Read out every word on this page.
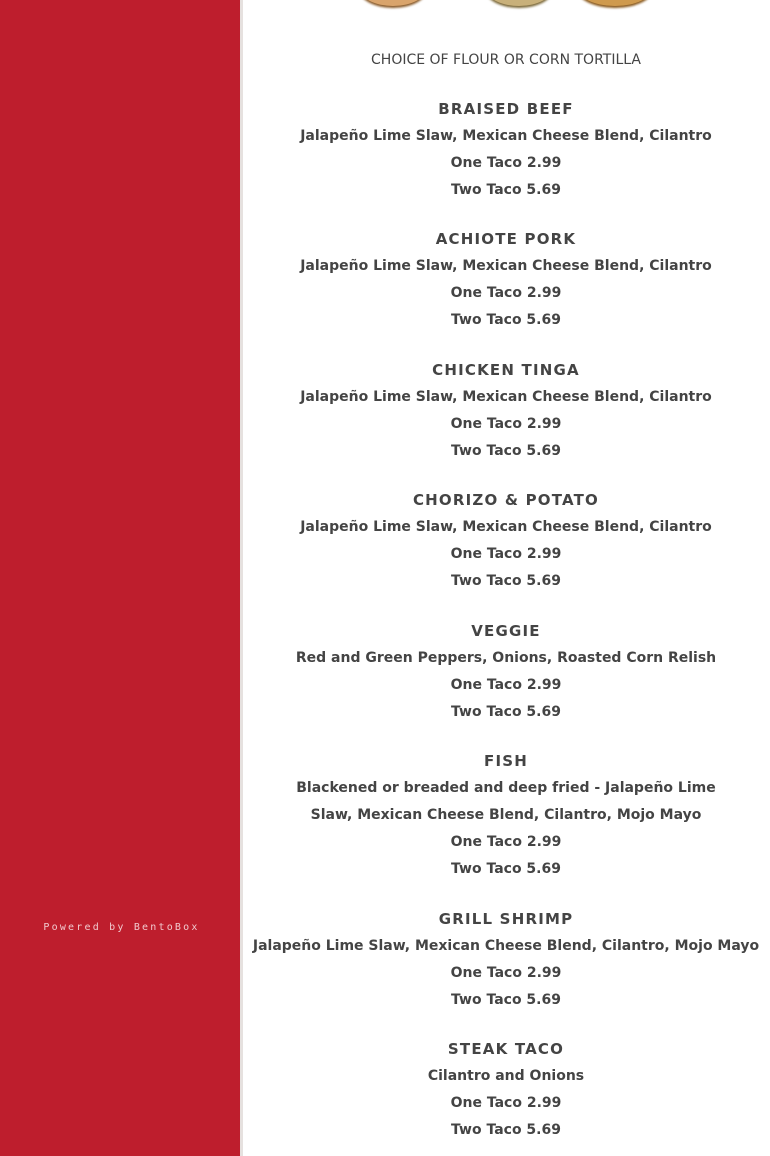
Powered by BentoBox
CHOICE OF FLOUR OR CORN TORTILLA
BRAISED BEEF
Jalapeño Lime Slaw, Mexican Cheese Blend, Cilantro
One Taco 2.99
Two Taco 5.69
ACHIOTE PORK
Jalapeño Lime Slaw, Mexican Cheese Blend, Cilantro
One Taco 2.99
Two Taco 5.69
CHICKEN TINGA
Jalapeño Lime Slaw, Mexican Cheese Blend, Cilantro
One Taco 2.99
Two Taco 5.69
CHORIZO & POTATO
Jalapeño Lime Slaw, Mexican Cheese Blend, Cilantro
One Taco 2.99
Two Taco 5.69
VEGGIE
Red and Green Peppers, Onions, Roasted Corn Relish
One Taco 2.99
Two Taco 5.69
FISH
Blackened or breaded and deep fried - Jalapeño Lime Slaw, Mexican Cheese Blend, Cilantro, Mojo Mayo
One Taco 2.99
Two Taco 5.69
GRILL SHRIMP
Jalapeño Lime Slaw, Mexican Cheese Blend, Cilantro, Mojo Mayo
One Taco 2.99
Two Taco 5.69
STEAK TACO
Cilantro and Onions
One Taco 2.99
Two Taco 5.69
